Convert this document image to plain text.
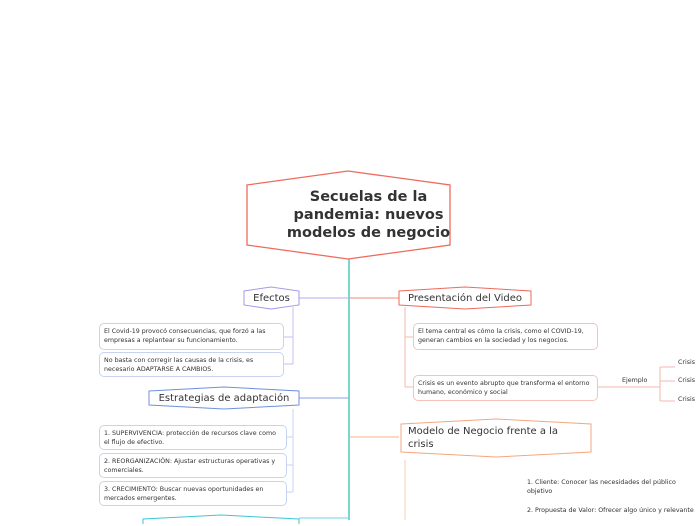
Secuelas de la pandemia: nuevos modelos de negocio
Efectos
El Covid-19 provocó consecuencias, que forzó a las empresas a replantear su funcionamiento.
No basta con corregir las causas de la crisis, es necesario ADAPTARSE A CAMBIOS.
Estrategias de adaptación
1. SUPERVIVENCIA: protección de recursos clave como el flujo de efectivo.
2. REORGANIZACIÓN: Ajustar estructuras operativas y comerciales.
3. CRECIMIENTO: Buscar nuevas oportunidades en mercados emergentes.
Presentación del Video
El tema central es cómo la crisis, como el COVID-19, generan cambios en la sociedad y los negocios.
Crisis es un evento abrupto que transforma el entorno humano, económico y social
Ejemplo
Crisis
Crisis
Crisis
Modelo de Negocio frente a la crisis
1. Cliente: Conocer las necesidades del público objetivo
2. Propuesta de Valor: Ofrecer algo único y relevante
